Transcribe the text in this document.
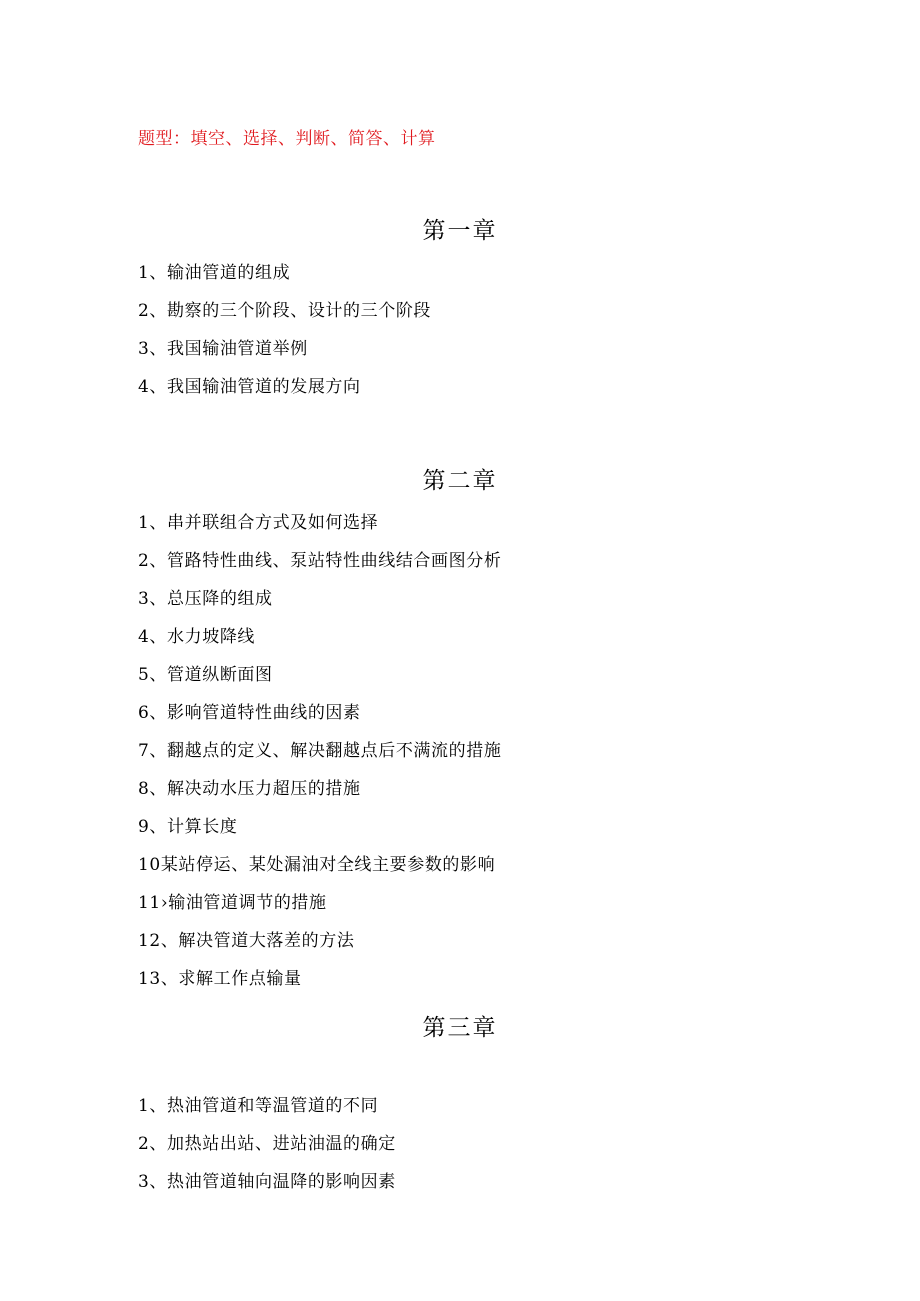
题型：填空、选择、判断、简答、计算
第一章
1、输油管道的组成
2、勘察的三个阶段、设计的三个阶段
3、我国输油管道举例
4、我国输油管道的发展方向
第二章
1、串并联组合方式及如何选择
2、管路特性曲线、泵站特性曲线结合画图分析
3、总压降的组成
4、水力坡降线
5、管道纵断面图
6、影响管道特性曲线的因素
7、翻越点的定义、解决翻越点后不满流的措施
8、解决动水压力超压的措施
9、计算长度
10某站停运、某处漏油对全线主要参数的影响
11›输油管道调节的措施
12、解决管道大落差的方法
13、求解工作点输量
第三章
1、热油管道和等温管道的不同
2、加热站出站、进站油温的确定
3、热油管道轴向温降的影响因素
